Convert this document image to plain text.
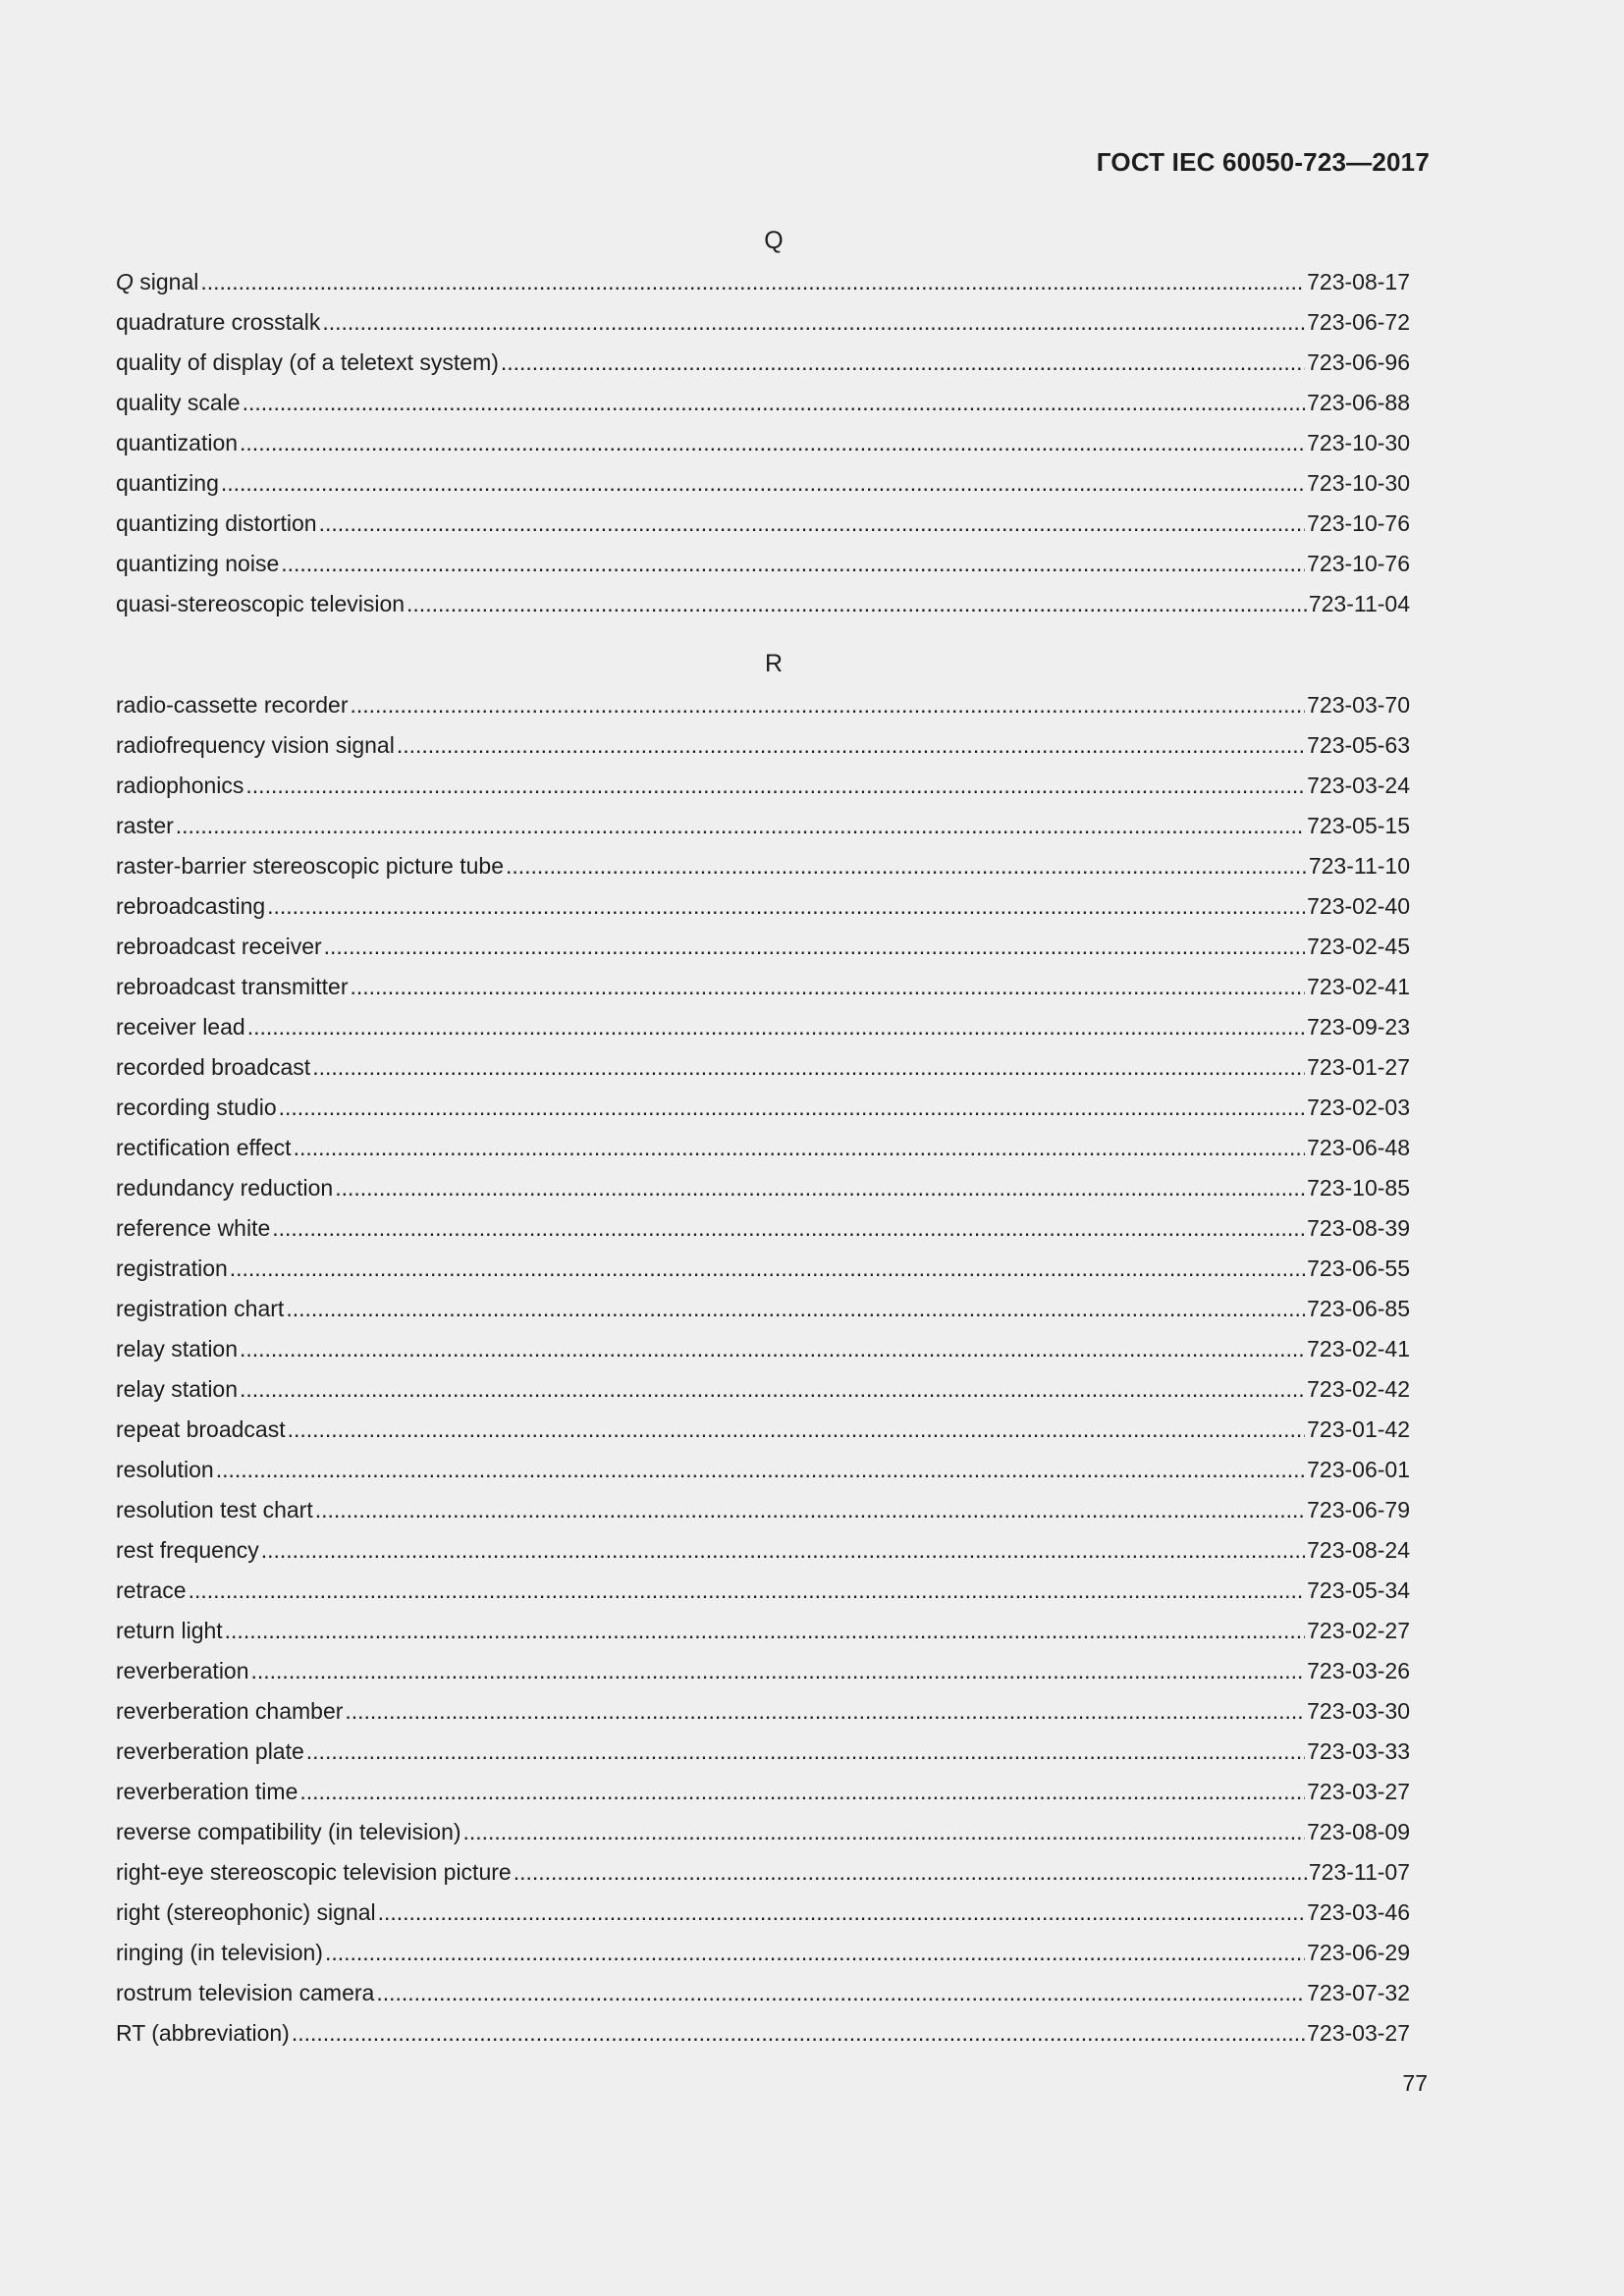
ГОСТ IEC 60050-723—2017
Q
Q signal . . .	723-08-17
quadrature crosstalk . . .	723-06-72
quality of display (of a teletext system) . . .	723-06-96
quality scale . . .	723-06-88
quantization . . .	723-10-30
quantizing . . .	723-10-30
quantizing distortion . . .	723-10-76
quantizing noise . . .	723-10-76
quasi-stereoscopic television . . .	723-11-04
R
radio-cassette recorder . . .	723-03-70
radiofrequency vision signal . . .	723-05-63
radiophonics . . .	723-03-24
raster . . .	723-05-15
raster-barrier stereoscopic picture tube . . .	723-11-10
rebroadcasting . . .	723-02-40
rebroadcast receiver . . .	723-02-45
rebroadcast transmitter . . .	723-02-41
receiver lead . . .	723-09-23
recorded broadcast . . .	723-01-27
recording studio . . .	723-02-03
rectification effect . . .	723-06-48
redundancy reduction . . .	723-10-85
reference white . . .	723-08-39
registration . . .	723-06-55
registration chart . . .	723-06-85
relay station . . .	723-02-41
relay station . . .	723-02-42
repeat broadcast . . .	723-01-42
resolution . . .	723-06-01
resolution test chart . . .	723-06-79
rest frequency . . .	723-08-24
retrace . . .	723-05-34
return light . . .	723-02-27
reverberation . . .	723-03-26
reverberation chamber . . .	723-03-30
reverberation plate . . .	723-03-33
reverberation time . . .	723-03-27
reverse compatibility (in television) . . .	723-08-09
right-eye stereoscopic television picture . . .	723-11-07
right (stereophonic) signal . . .	723-03-46
ringing (in television) . . .	723-06-29
rostrum television camera . . .	723-07-32
RT (abbreviation) . . .	723-03-27
77
